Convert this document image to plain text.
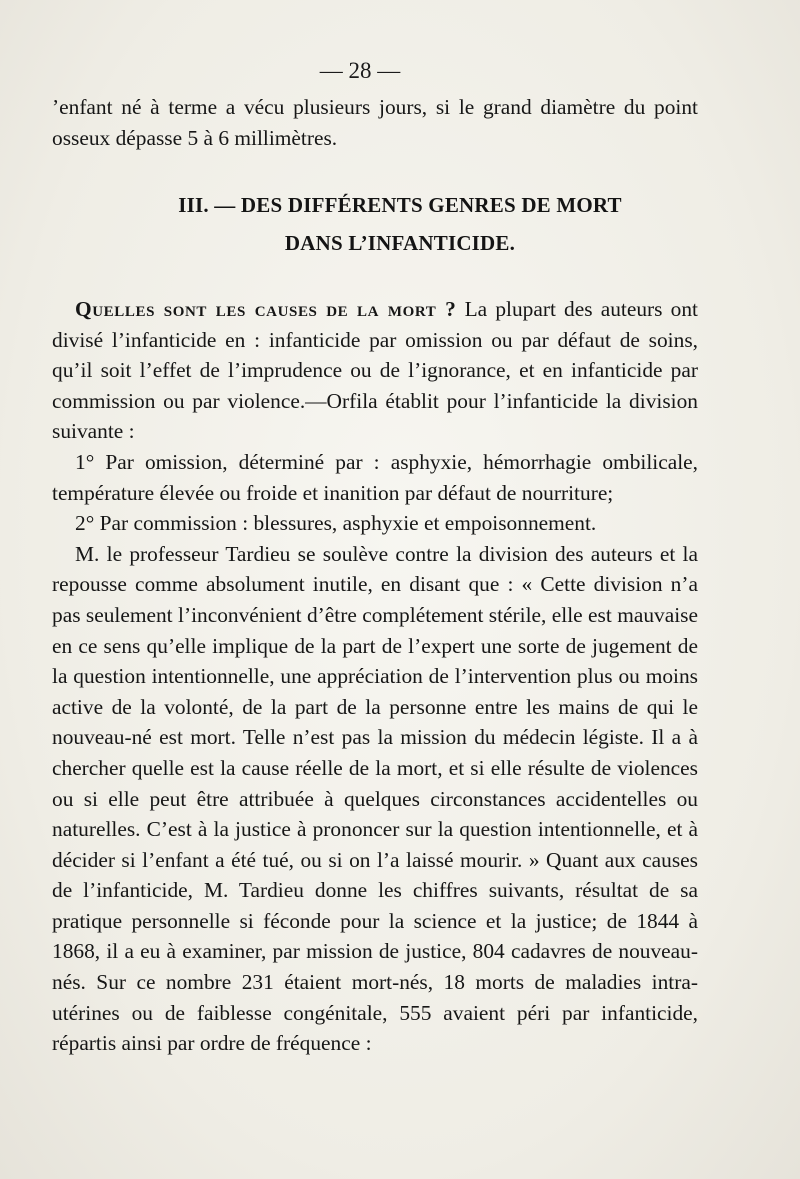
— 28 —
’enfant né à terme a vécu plusieurs jours, si le grand diamètre du point osseux dépasse 5 à 6 millimètres.
III. — DES DIFFÉRENTS GENRES DE MORT
DANS L’INFANTICIDE.

Quelles sont les causes de la mort ? La plupart des auteurs ont divisé l’infanticide en : infanticide par omission ou par défaut de soins, qu’il soit l’effet de l’imprudence ou de l’ignorance, et en infanticide par commission ou par violence.—Orfila établit pour l’infanticide la division suivante :

1° Par omission, déterminé par : asphyxie, hémorrhagie ombilicale, température élevée ou froide et inanition par défaut de nourriture;

2° Par commission : blessures, asphyxie et empoisonnement.

M. le professeur Tardieu se soulève contre la division des auteurs et la repousse comme absolument inutile, en disant que : « Cette division n’a pas seulement l’inconvénient d’être complétement stérile, elle est mauvaise en ce sens qu’elle implique de la part de l’expert une sorte de jugement de la question intentionnelle, une appréciation de l’intervention plus ou moins active de la volonté, de la part de la personne entre les mains de qui le nouveau-né est mort. Telle n’est pas la mission du médecin légiste. Il a à chercher quelle est la cause réelle de la mort, et si elle résulte de violences ou si elle peut être attribuée à quelques circonstances accidentelles ou naturelles. C’est à la justice à prononcer sur la question intentionnelle, et à décider si l’enfant a été tué, ou si on l’a laissé mourir. » Quant aux causes de l’infanticide, M. Tardieu donne les chiffres suivants, résultat de sa pratique personnelle si féconde pour la science et la justice; de 1844 à 1868, il a eu à examiner, par mission de justice, 804 cadavres de nouveau-nés. Sur ce nombre 231 étaient mort-nés, 18 morts de maladies intra-utérines ou de faiblesse congénitale, 555 avaient péri par infanticide, répartis ainsi par ordre de fréquence :
